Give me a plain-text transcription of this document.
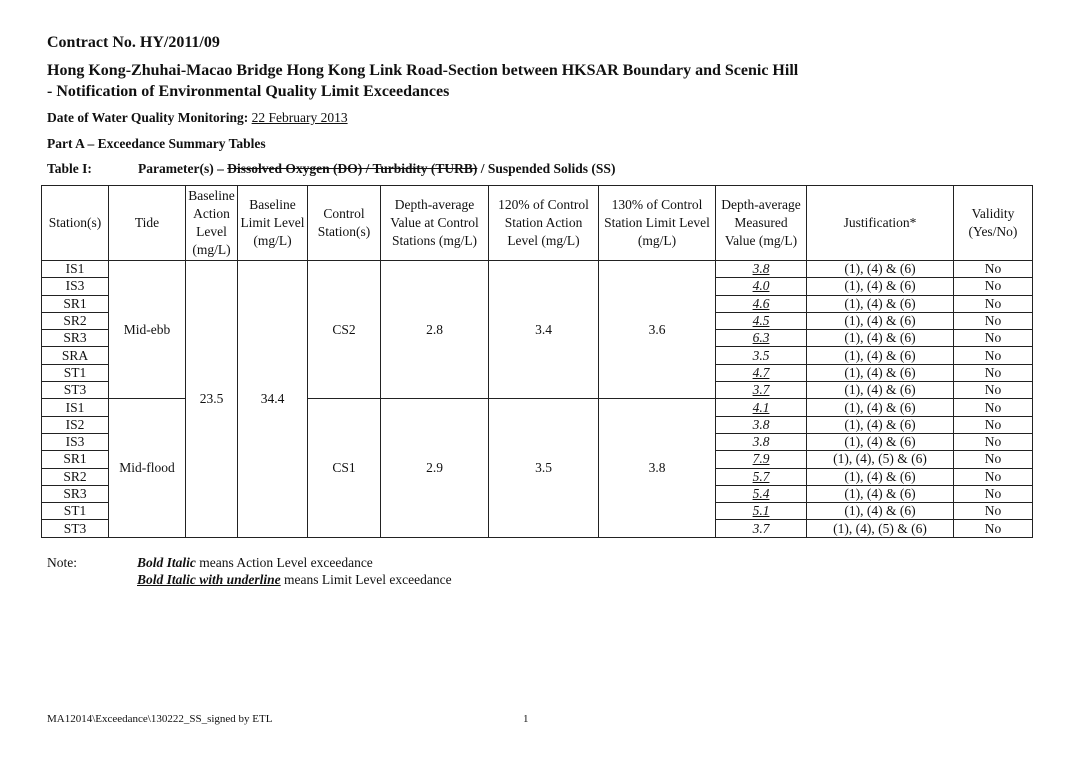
Contract No. HY/2011/09
Hong Kong-Zhuhai-Macao Bridge Hong Kong Link Road-Section between HKSAR Boundary and Scenic Hill
- Notification of Environmental Quality Limit Exceedances
Date of Water Quality Monitoring: 22 February 2013
Part A – Exceedance Summary Tables
Table I:	Parameter(s) – Dissolved Oxygen (DO) / Turbidity (TURB) / Suspended Solids (SS)
Station(s)	Tide	Baseline Action Level (mg/L)	Baseline Limit Level (mg/L)	Control Station(s)	Depth-average Value at Control Stations (mg/L)	120% of Control Station Action Level (mg/L)	130% of Control Station Limit Level (mg/L)	Depth-average Measured Value (mg/L)	Justification*	Validity (Yes/No)
IS1	Mid-ebb	23.5	34.4	CS2	2.8	3.4	3.6	3.8	(1), (4) & (6)	No
IS3								4.0	(1), (4) & (6)	No
SR1								4.6	(1), (4) & (6)	No
SR2								4.5	(1), (4) & (6)	No
SR3								6.3	(1), (4) & (6)	No
SRA								3.5	(1), (4) & (6)	No
ST1								4.7	(1), (4) & (6)	No
ST3								3.7	(1), (4) & (6)	No
IS1	Mid-flood			CS1	2.9	3.5	3.8	4.1	(1), (4) & (6)	No
IS2								3.8	(1), (4) & (6)	No
IS3								3.8	(1), (4) & (6)	No
SR1								7.9	(1), (4), (5) & (6)	No
SR2								5.7	(1), (4) & (6)	No
SR3								5.4	(1), (4) & (6)	No
ST1								5.1	(1), (4) & (6)	No
ST3								3.7	(1), (4), (5) & (6)	No
Note:	Bold Italic means Action Level exceedance
Bold Italic with underline means Limit Level exceedance
MA12014\Exceedance\130222_SS_signed by ETL	1
